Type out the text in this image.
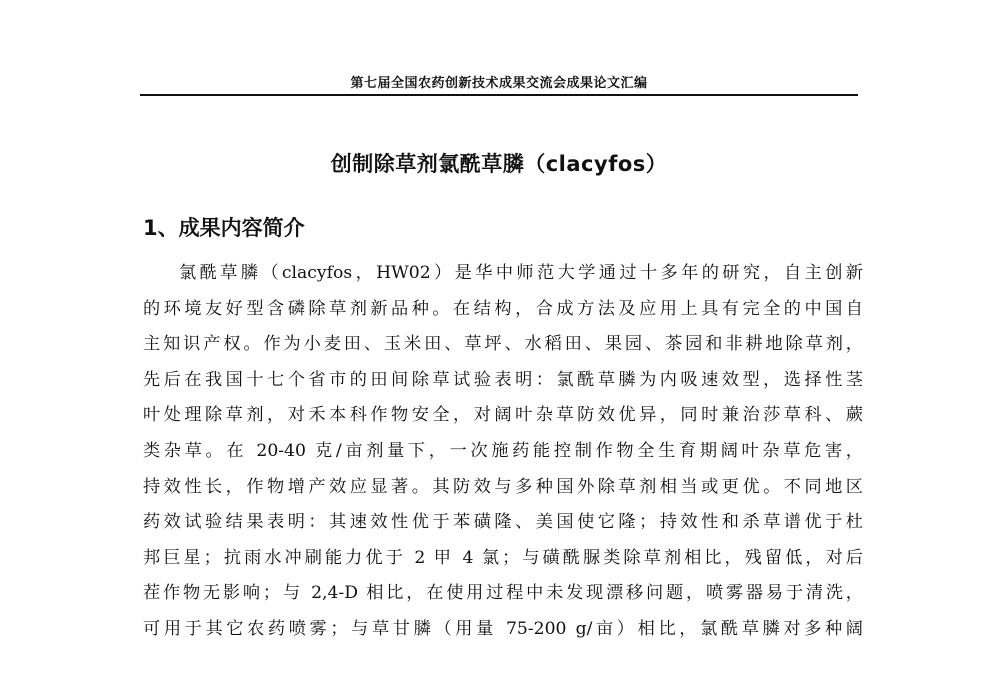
第七届全国农药创新技术成果交流会成果论文汇编
创制除草剂氯酰草膦（clacyfos）
1、成果内容简介
氯酰草膦（clacyfos，HW02）是华中师范大学通过十多年的研究，自主创新
的环境友好型含磷除草剂新品种。在结构，合成方法及应用上具有完全的中国自
主知识产权。作为小麦田、玉米田、草坪、水稻田、果园、茶园和非耕地除草剂，
先后在我国十七个省市的田间除草试验表明：氯酰草膦为内吸速效型，选择性茎
叶处理除草剂，对禾本科作物安全，对阔叶杂草防效优异，同时兼治莎草科、蕨
类杂草。在 20-40 克/亩剂量下，一次施药能控制作物全生育期阔叶杂草危害，
持效性长，作物增产效应显著。其防效与多种国外除草剂相当或更优。不同地区
药效试验结果表明：其速效性优于苯磺隆、美国使它隆；持效性和杀草谱优于杜
邦巨星；抗雨水冲刷能力优于 2 甲 4 氯；与磺酰脲类除草剂相比，残留低，对后
茬作物无影响；与 2,4-D 相比，在使用过程中未发现漂移问题，喷雾器易于清洗，
可用于其它农药喷雾；与草甘膦（用量 75-200 g/亩）相比，氯酰草膦对多种阔
